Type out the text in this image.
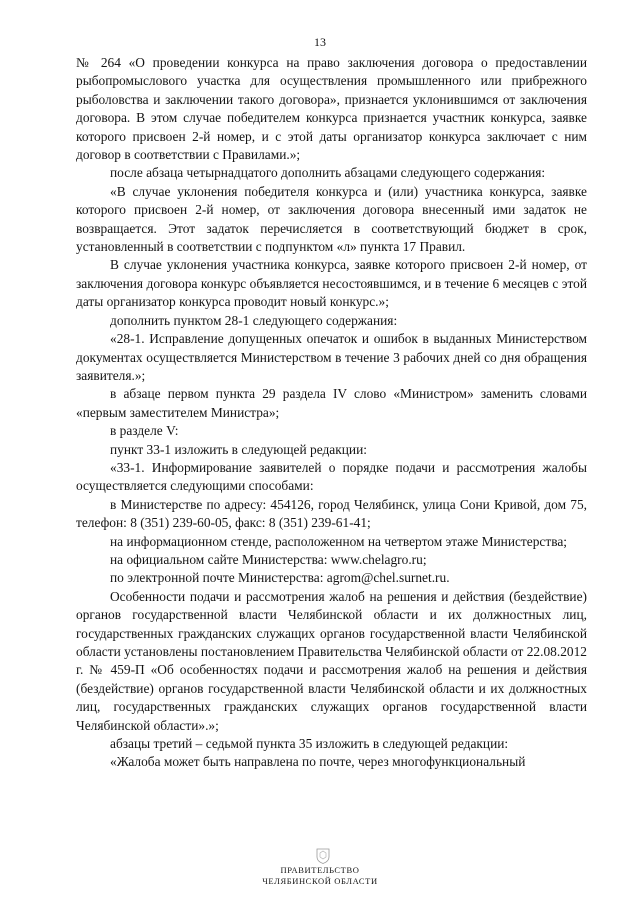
13

№ 264 «О проведении конкурса на право заключения договора о предоставлении рыбопромыслового участка для осуществления промышленного или прибрежного рыболовства и заключении такого договора», признается уклонившимся от заключения договора. В этом случае победителем конкурса признается участник конкурса, заявке которого присвоен 2-й номер, и с этой даты организатор конкурса заключает с ним договор в соответствии с Правилами.»;

после абзаца четырнадцатого дополнить абзацами следующего содержания:

«В случае уклонения победителя конкурса и (или) участника конкурса, заявке которого присвоен 2-й номер, от заключения договора внесенный ими задаток не возвращается. Этот задаток перечисляется в соответствующий бюджет в срок, установленный в соответствии с подпунктом «л» пункта 17 Правил.

В случае уклонения участника конкурса, заявке которого присвоен 2-й номер, от заключения договора конкурс объявляется несостоявшимся, и в течение 6 месяцев с этой даты организатор конкурса проводит новый конкурс.»;

дополнить пунктом 28-1 следующего содержания:

«28-1. Исправление допущенных опечаток и ошибок в выданных Министерством документах осуществляется Министерством в течение 3 рабочих дней со дня обращения заявителя.»;

в абзаце первом пункта 29 раздела IV слово «Министром» заменить словами «первым заместителем Министра»;

в разделе V:

пункт 33-1 изложить в следующей редакции:

«33-1. Информирование заявителей о порядке подачи и рассмотрения жалобы осуществляется следующими способами:

в Министерстве по адресу: 454126, город Челябинск, улица Сони Кривой, дом 75, телефон: 8 (351) 239-60-05, факс: 8 (351) 239-61-41;

на информационном стенде, расположенном на четвертом этаже Министерства;

на официальном сайте Министерства: www.chelagro.ru;

по электронной почте Министерства: agrom@chel.surnet.ru.

Особенности подачи и рассмотрения жалоб на решения и действия (бездействие) органов государственной власти Челябинской области и их должностных лиц, государственных гражданских служащих органов государственной власти Челябинской области установлены постановлением Правительства Челябинской области от 22.08.2012 г. № 459-П «Об особенностях подачи и рассмотрения жалоб на решения и действия (бездействие) органов государственной власти Челябинской области и их должностных лиц, государственных гражданских служащих органов государственной власти Челябинской области».»;

абзацы третий – седьмой пункта 35 изложить в следующей редакции:

«Жалоба может быть направлена по почте, через многофункциональный

ПРАВИТЕЛЬСТВО
ЧЕЛЯБИНСКОЙ ОБЛАСТИ
